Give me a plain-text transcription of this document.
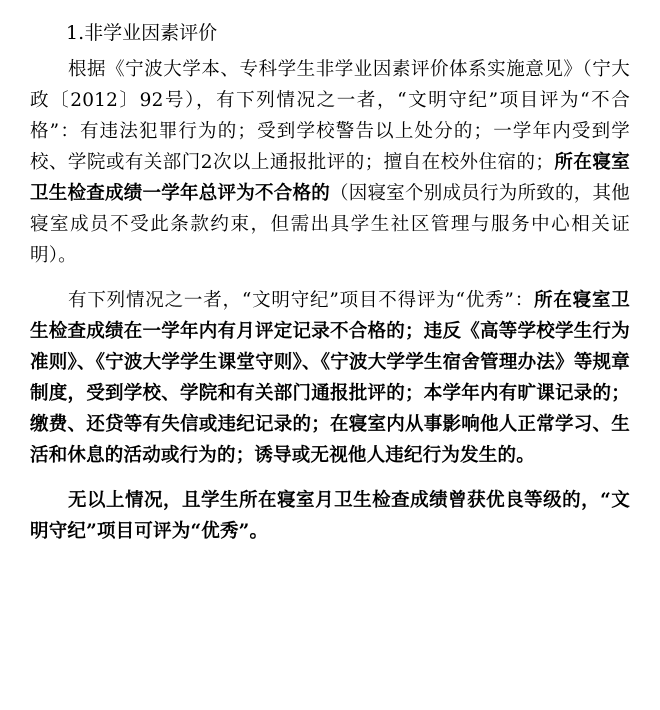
1.非学业因素评价
根据《宁波大学本、专科学生非学业因素评价体系实施意见》（宁大政〔2012〕92号），有下列情况之一者，“文明守纪”项目评为“不合格”：有违法犯罪行为的；受到学校警告以上处分的；一学年内受到学校、学院或有关部门2次以上通报批评的；擅自在校外住宿的；所在寝室卫生检查成绩一学年总评为不合格的（因寝室个别成员行为所致的，其他寝室成员不受此条款约束，但需出具学生社区管理与服务中心相关证明）。
有下列情况之一者，“文明守纪”项目不得评为“优秀”：所在寝室卫生检查成绩在一学年内有月评定记录不合格的；违反《高等学校学生行为准则》、《宁波大学学生课堂守则》、《宁波大学学生宿舍管理办法》等规章制度，受到学校、学院和有关部门通报批评的；本学年内有旷课记录的；缴费、还贷等有失信或违纪记录的；在寝室内从事影响他人正常学习、生活和休息的活动或行为的；诱导或无视他人违纪行为发生的。
无以上情况，且学生所在寝室月卫生检查成绩曾获优良等级的，“文明守纪”项目可评为“优秀”。
